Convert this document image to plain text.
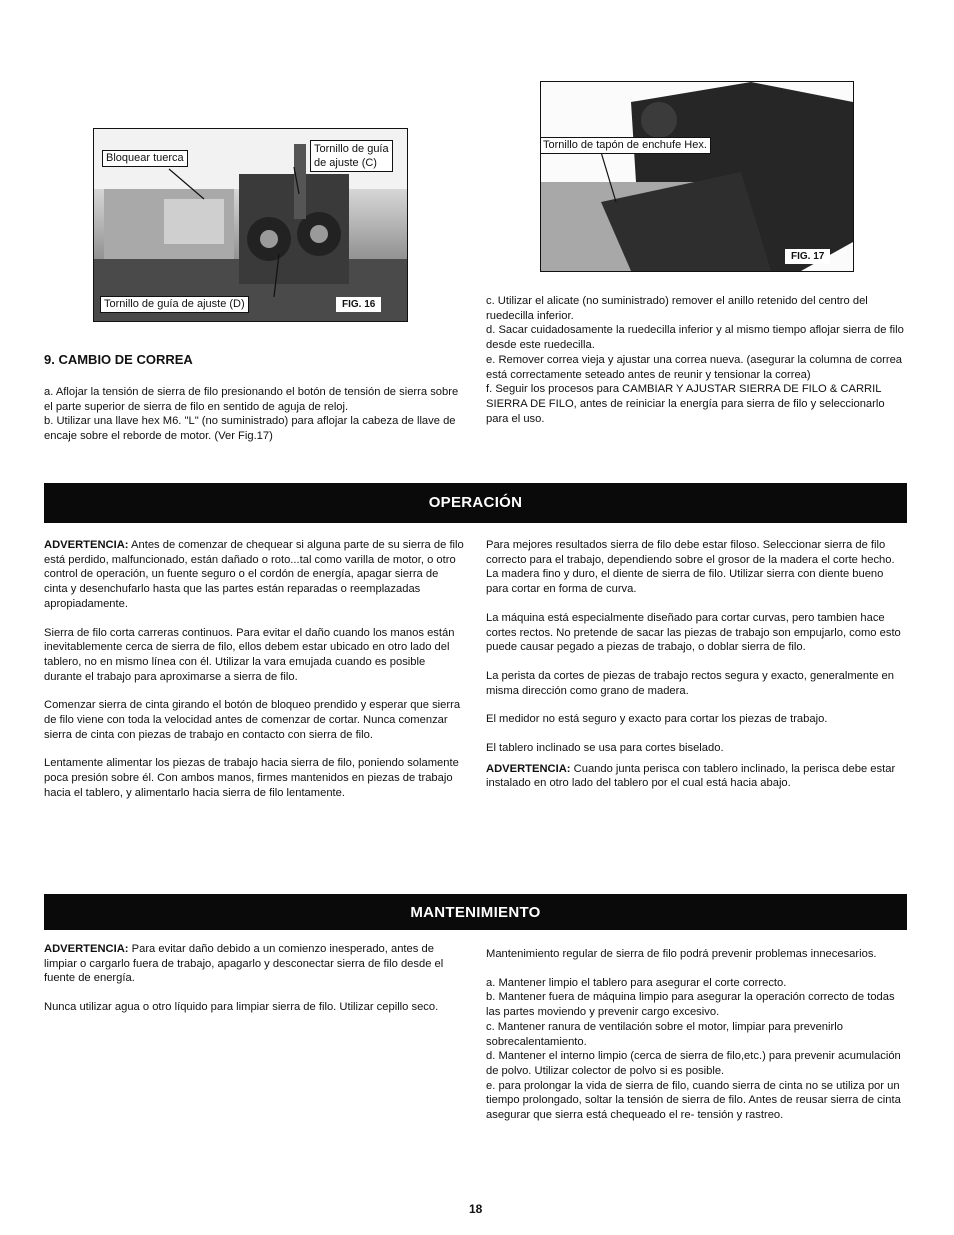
Bloquear tuerca
Tornillo de guía
de ajuste (C)
Tornillo de guía de ajuste (D)	FIG. 16
Tornillo de tapón de enchufe Hex.
FIG. 17
9. CAMBIO DE CORREA

a. Aflojar la tensión de sierra de filo presionando el botón de tensión de sierra sobre el parte superior de sierra de filo en sentido de aguja de reloj.

b. Utilizar una llave hex M6. "L" (no suministrado) para aflojar la cabeza de llave de encaje sobre el reborde de motor. (Ver Fig.17)

c. Utilizar el alicate (no suministrado) remover el anillo retenido del centro del ruedecilla inferior.

d. Sacar cuidadosamente la ruedecilla inferior y al mismo tiempo aflojar sierra de filo desde este ruedecilla.

e. Remover correa vieja y ajustar una correa nueva. (asegurar la columna de correa está correctamente seteado antes de reunir y tensionar la correa)

f. Seguir los procesos para CAMBIAR Y AJUSTAR SIERRA DE FILO & CARRIL SIERRA DE FILO, antes de reiniciar la energía para sierra de filo y seleccionarlo para el uso.

OPERACIÓN

ADVERTENCIA: Antes de comenzar de chequear si alguna parte de su sierra de filo está perdido, malfuncionado, están dañado o roto...tal como varilla de motor, o otro control de operación, un fuente seguro o el cordón de energía, apagar sierra de cinta y desenchufarlo hasta que las partes están reparadas o reemplazadas apropiadamente.

Sierra de filo corta carreras continuos. Para evitar el daño cuando los manos están inevitablemente cerca de sierra de filo, ellos debem estar ubicado en otro lado del tablero, no en mismo línea con él. Utilizar la vara emujada cuando es posible durante el trabajo para aproximarse a sierra de filo.

Comenzar sierra de cinta girando el botón de bloqueo prendido y esperar que sierra de filo viene con toda la velocidad antes de comenzar de cortar. Nunca comenzar sierra de cinta con piezas de trabajo en contacto con sierra de filo.

Lentamente alimentar los piezas de trabajo hacia sierra de filo, poniendo solamente poca presión sobre él. Con ambos manos, firmes mantenidos en piezas de trabajo hacia el tablero, y alimentarlo hacia sierra de filo lentamente.

Para mejores resultados sierra de filo debe estar filoso. Seleccionar sierra de filo correcto para el trabajo, dependiendo sobre el grosor de la madera el corte hecho. La madera fino y duro, el diente de sierra de filo. Utilizar sierra con diente bueno para cortar en forma de curva.

La máquina está especialmente diseñado para cortar curvas, pero tambien hace cortes rectos. No pretende de sacar las piezas de trabajo son empujarlo, como esto puede causar pegado a piezas de trabajo, o doblar sierra de filo.

La perista da cortes de piezas de trabajo rectos segura y exacto, generalmente en misma dirección como grano de madera.

El medidor no está seguro y exacto para cortar los piezas de trabajo.

El tablero inclinado se usa para cortes biselado.

ADVERTENCIA: Cuando junta perisca con tablero inclinado, la perisca debe estar instalado en otro lado del tablero por el cual está hacia abajo.

MANTENIMIENTO

ADVERTENCIA: Para evitar daño debido a un comienzo inesperado, antes de limpiar o cargarlo fuera de trabajo, apagarlo y desconectar sierra de filo desde el fuente de energía.

Nunca utilizar agua o otro líquido para limpiar sierra de filo. Utilizar cepillo seco.

Mantenimiento regular de sierra de filo podrá prevenir problemas innecesarios.

a. Mantener limpio el tablero para asegurar el corte correcto.

b. Mantener fuera de máquina limpio para asegurar la operación correcto de todas las partes moviendo y prevenir cargo excesivo.

c. Mantener ranura de ventilación sobre el motor, limpiar para prevenirlo sobrecalentamiento.

d. Mantener el interno limpio (cerca de sierra de filo,etc.) para prevenir acumulación de polvo. Utilizar colector de polvo si es posible.

e. para prolongar la vida de sierra de filo, cuando sierra de cinta no se utiliza por un tiempo prolongado, soltar la tensión de sierra de filo. Antes de reusar sierra de cinta asegurar que sierra está chequeado el re- tensión y rastreo.

18
